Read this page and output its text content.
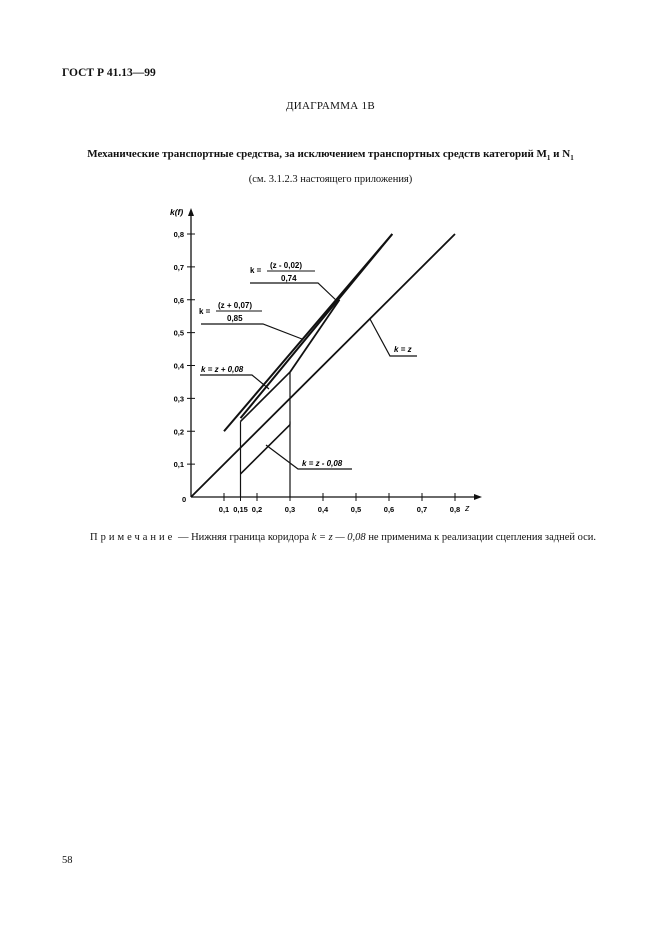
ГОСТ Р 41.13—99
ДИАГРАММА 1В
Механические транспортные средства, за исключением транспортных средств категорий $M_1$ и $N_1$
(см. 3.1.2.3 настоящего приложения)
k(f)
z
0
0,1
0,2
0,3
0,4
0,5
0,6
0,7
0,8
0,1 0,15 0,2	0,3	0,4	0,5	0,6	0,7	0,8
k =
(z - 0,02)
0,74
k =
(z + 0,07)
0,85
k = z + 0,08
k = z
k = z - 0,08
Примечание — Нижняя граница коридора k = z — 0,08 не применима к реализации сцепления задней оси.
58
